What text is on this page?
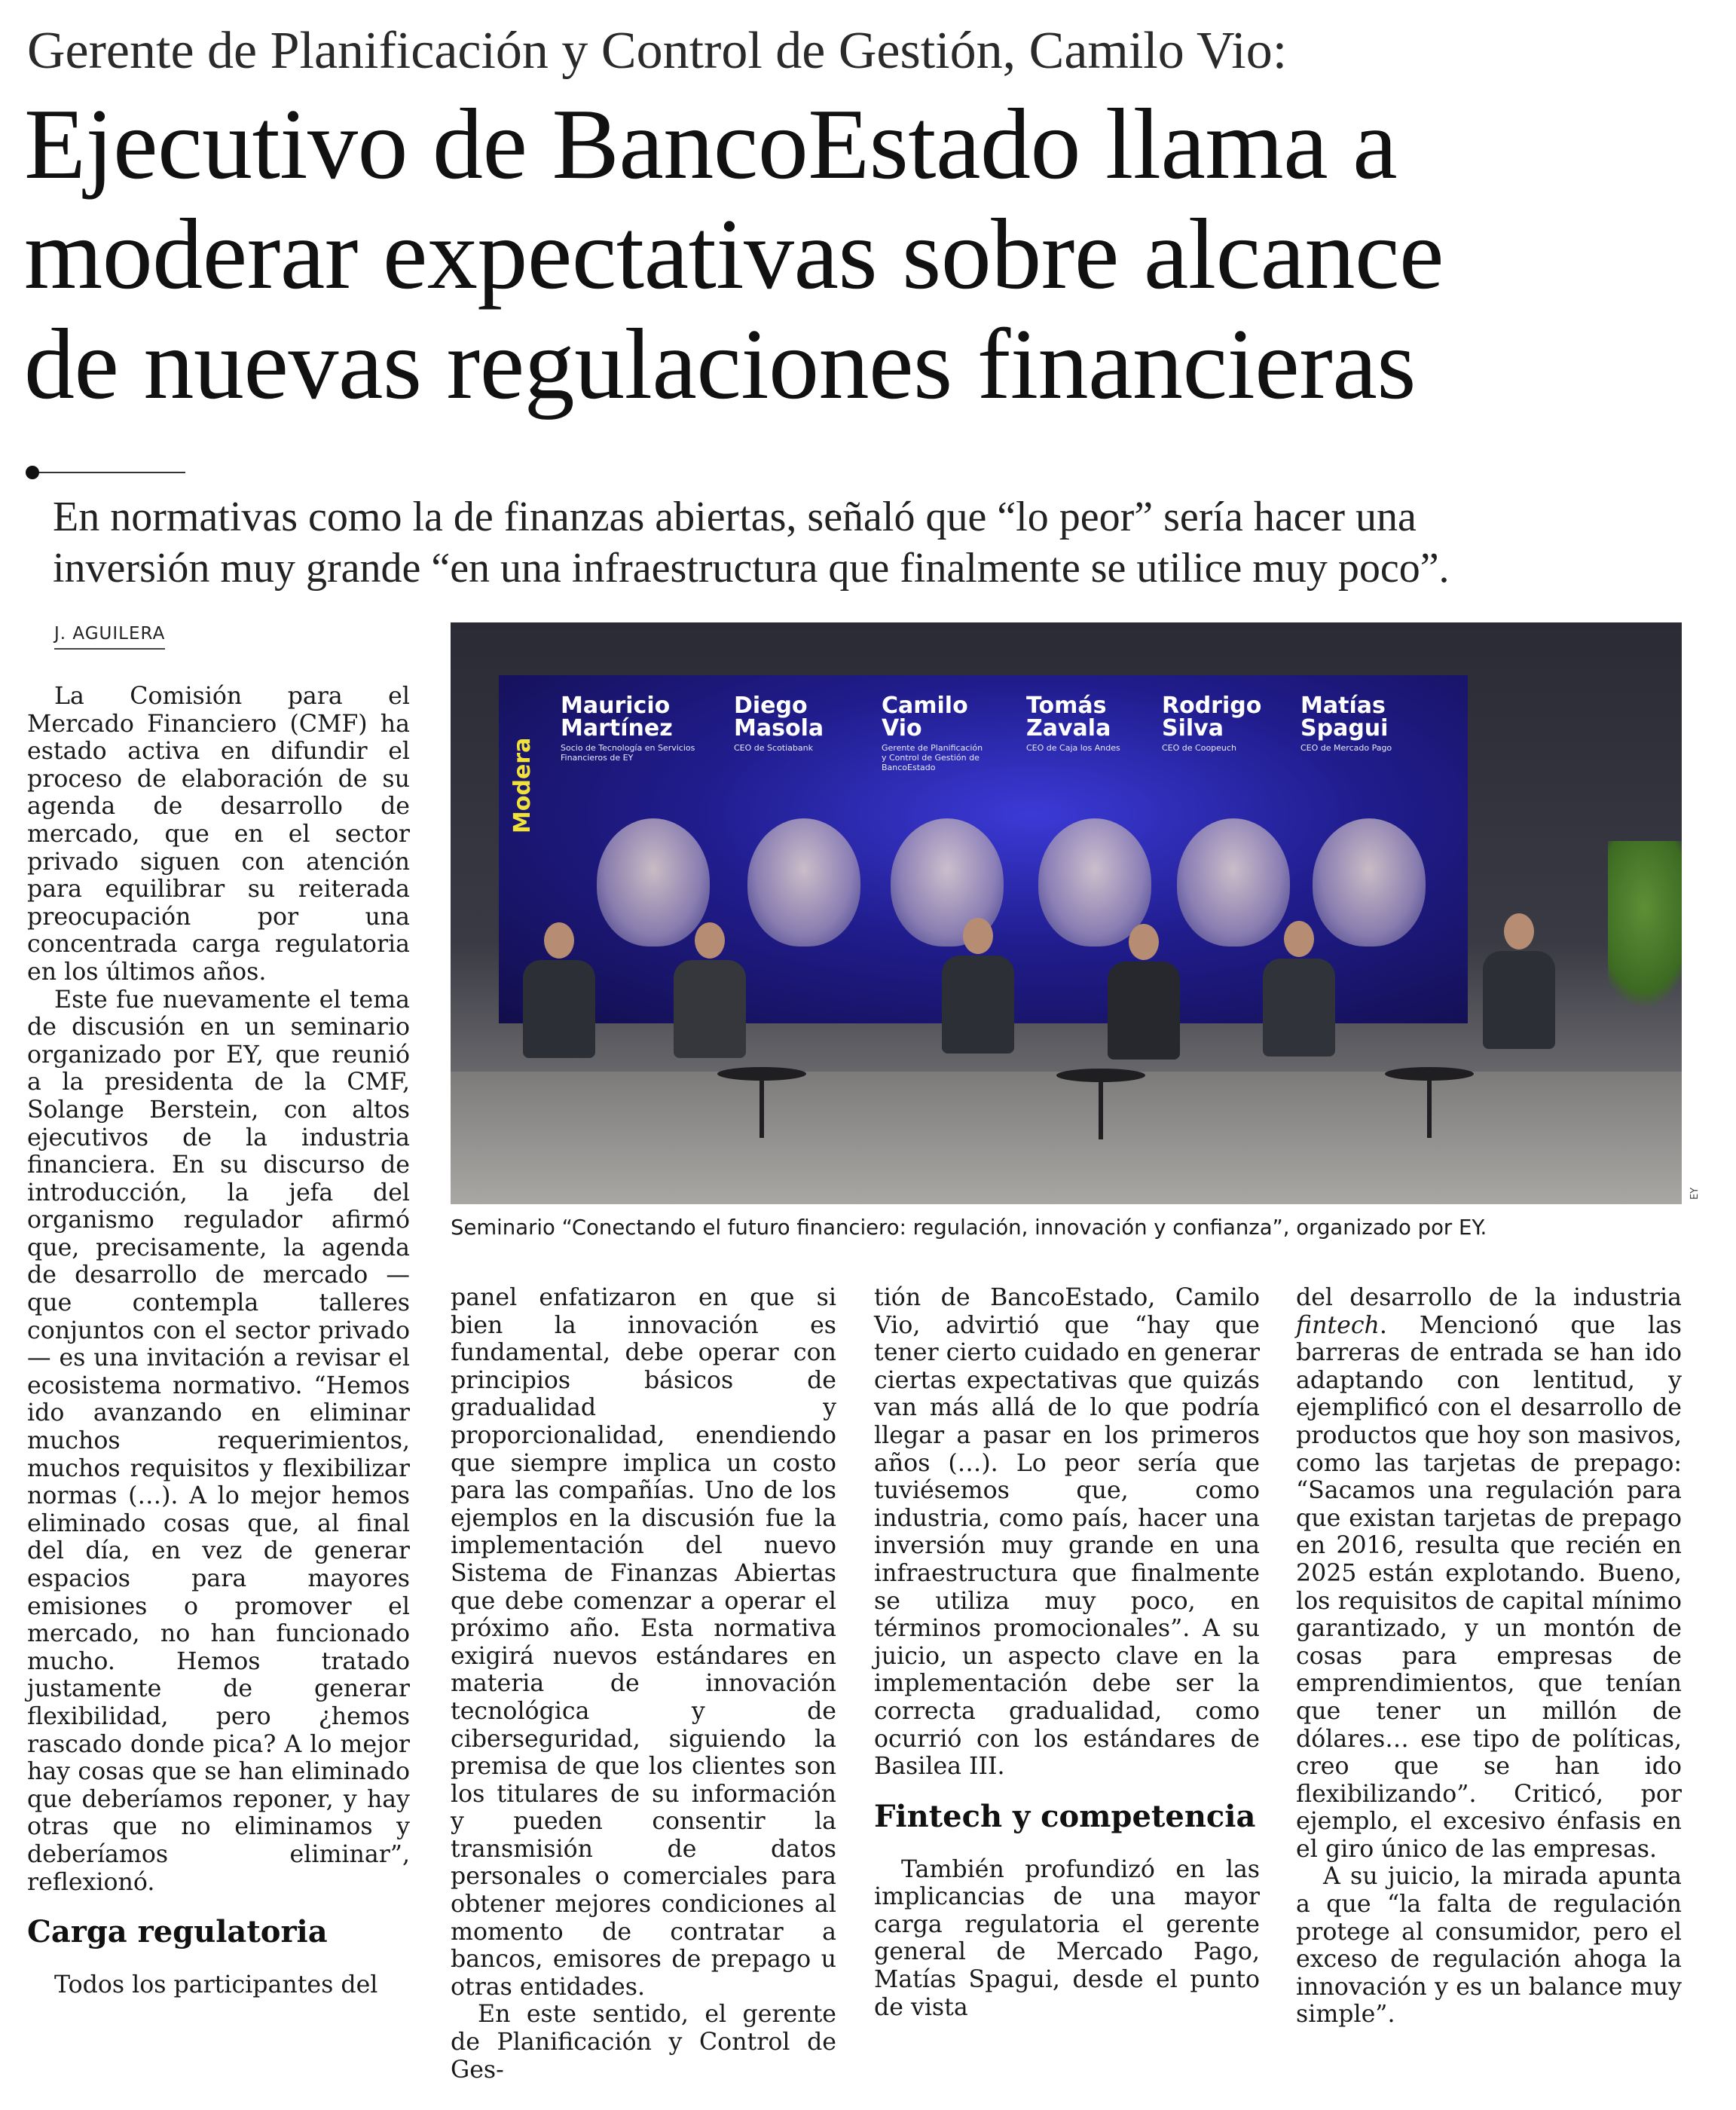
Gerente de Planificación y Control de Gestión, Camilo Vio:
Ejecutivo de BancoEstado llama a
moderar expectativas sobre alcance
de nuevas regulaciones financieras
En normativas como la de finanzas abiertas, señaló que “lo peor” sería hacer una
inversión muy grande “en una infraestructura que finalmente se utilice muy poco”.
J. AGUILERA

La Comisión para el Mercado Financiero (CMF) ha estado activa en difundir el proceso de elaboración de su agenda de desarrollo de mercado, que en el sector privado siguen con atención para equilibrar su reiterada preocupación por una concentrada carga regulatoria en los últimos años.

Este fue nuevamente el tema de discusión en un seminario organizado por EY, que reunió a la presidenta de la CMF, Solange Berstein, con altos ejecutivos de la industria financiera. En su discurso de introducción, la jefa del organismo regulador afirmó que, precisamente, la agenda de desarrollo de mercado —que contempla talleres conjuntos con el sector privado— es una invitación a revisar el ecosistema normativo. “Hemos ido avanzando en eliminar muchos requerimientos, muchos requisitos y flexibilizar normas (…). A lo mejor hemos eliminado cosas que, al final del día, en vez de generar espacios para mayores emisiones o promover el mercado, no han funcionado mucho. Hemos tratado justamente de generar flexibilidad, pero ¿hemos rascado donde pica? A lo mejor hay cosas que se han eliminado que deberíamos reponer, y hay otras que no eliminamos y deberíamos eliminar”, reflexionó.

Carga regulatoria

Todos los participantes del

Modera
Mauricio
Martínez
Socio de Tecnología en Servicios Financieros de EY
Diego
Masola
CEO de Scotiabank
Camilo
Vio
Gerente de Planificación y Control de Gestión de BancoEstado
Tomás
Zavala
CEO de Caja los Andes
Rodrigo
Silva
CEO de Coopeuch
Matías
Spagui
CEO de Mercado Pago
EY
Seminario “Conectando el futuro financiero: regulación, innovación y confianza”, organizado por EY.

panel enfatizaron en que si bien la innovación es fundamental, debe operar con principios básicos de gradualidad y proporcionalidad, enendiendo que siempre implica un costo para las compañías. Uno de los ejemplos en la discusión fue la implementación del nuevo Sistema de Finanzas Abiertas que debe comenzar a operar el próximo año. Esta normativa exigirá nuevos estándares en materia de innovación tecnológica y de ciberseguridad, siguiendo la premisa de que los clientes son los titulares de su información y pueden consentir la transmisión de datos personales o comerciales para obtener mejores condiciones al momento de contratar a bancos, emisores de prepago u otras entidades.

En este sentido, el gerente de Planificación y Control de Ges-

tión de BancoEstado, Camilo Vio, advirtió que “hay que tener cierto cuidado en generar ciertas expectativas que quizás van más allá de lo que podría llegar a pasar en los primeros años (…). Lo peor sería que tuviésemos que, como industria, como país, hacer una inversión muy grande en una infraestructura que finalmente se utiliza muy poco, en términos promocionales”. A su juicio, un aspecto clave en la implementación debe ser la correcta gradualidad, como ocurrió con los estándares de Basilea III.

Fintech y competencia

También profundizó en las implicancias de una mayor carga regulatoria el gerente general de Mercado Pago, Matías Spagui, desde el punto de vista

del desarrollo de la industria fintech. Mencionó que las barreras de entrada se han ido adaptando con lentitud, y ejemplificó con el desarrollo de productos que hoy son masivos, como las tarjetas de prepago: “Sacamos una regulación para que existan tarjetas de prepago en 2016, resulta que recién en 2025 están explotando. Bueno, los requisitos de capital mínimo garantizado, y un montón de cosas para empresas de emprendimientos, que tenían que tener un millón de dólares… ese tipo de políticas, creo que se han ido flexibilizando”. Criticó, por ejemplo, el excesivo énfasis en el giro único de las empresas.

A su juicio, la mirada apunta a que “la falta de regulación protege al consumidor, pero el exceso de regulación ahoga la innovación y es un balance muy simple”.
